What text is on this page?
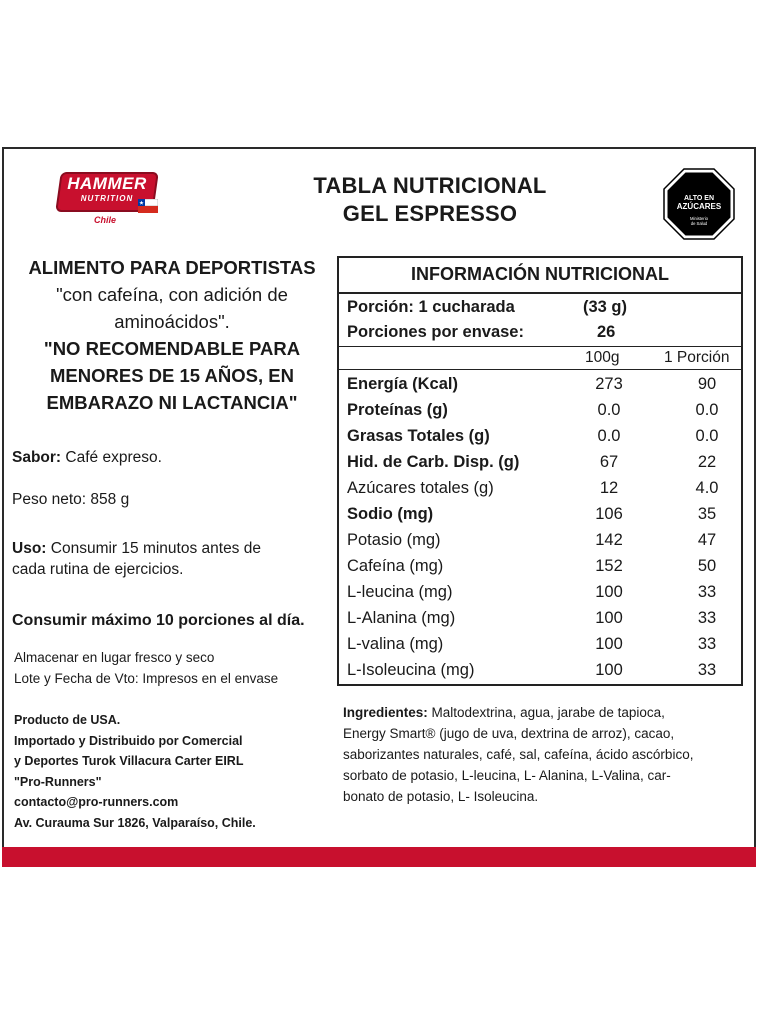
HAMMER
NUTRITION
Chile
TABLA NUTRICIONAL
GEL ESPRESSO
ALTO EN
AZÚCARES
Ministerio
de Salud
ALIMENTO PARA DEPORTISTAS
"con cafeína, con adición de
aminoácidos".
"NO RECOMENDABLE PARA
MENORES DE 15 AÑOS, EN
EMBARAZO NI LACTANCIA"
Sabor: Café expreso.
Peso neto: 858 g
Uso: Consumir 15 minutos antes de
cada rutina de ejercicios.
Consumir máximo 10 porciones al día.
Almacenar en lugar fresco y seco
Lote y Fecha de Vto: Impresos en el envase
Producto de USA.
Importado y Distribuido por Comercial
y Deportes Turok Villacura Carter EIRL
"Pro-Runners"
contacto@pro-runners.com
Av. Curauma Sur 1826, Valparaíso, Chile.
INFORMACIÓN NUTRICIONAL
Porción: 1 cucharada	(33 g)
Porciones por envase:	26
100g	1 Porción
Energía (Kcal)	273	90
Proteínas (g)	0.0	0.0
Grasas Totales (g)	0.0	0.0
Hid. de Carb. Disp. (g)	67	22
Azúcares totales (g)	12	4.0
Sodio (mg)	106	35
Potasio (mg)	142	47
Cafeína (mg)	152	50
L-leucina (mg)	100	33
L-Alanina (mg)	100	33
L-valina (mg)	100	33
L-Isoleucina (mg)	100	33
Ingredientes: Maltodextrina, agua, jarabe de tapioca,
Energy Smart® (jugo de uva, dextrina de arroz), cacao,
saborizantes naturales, café, sal, cafeína, ácido ascórbico,
sorbato de potasio, L-leucina, L- Alanina, L-Valina, car-
bonato de potasio, L- Isoleucina.
